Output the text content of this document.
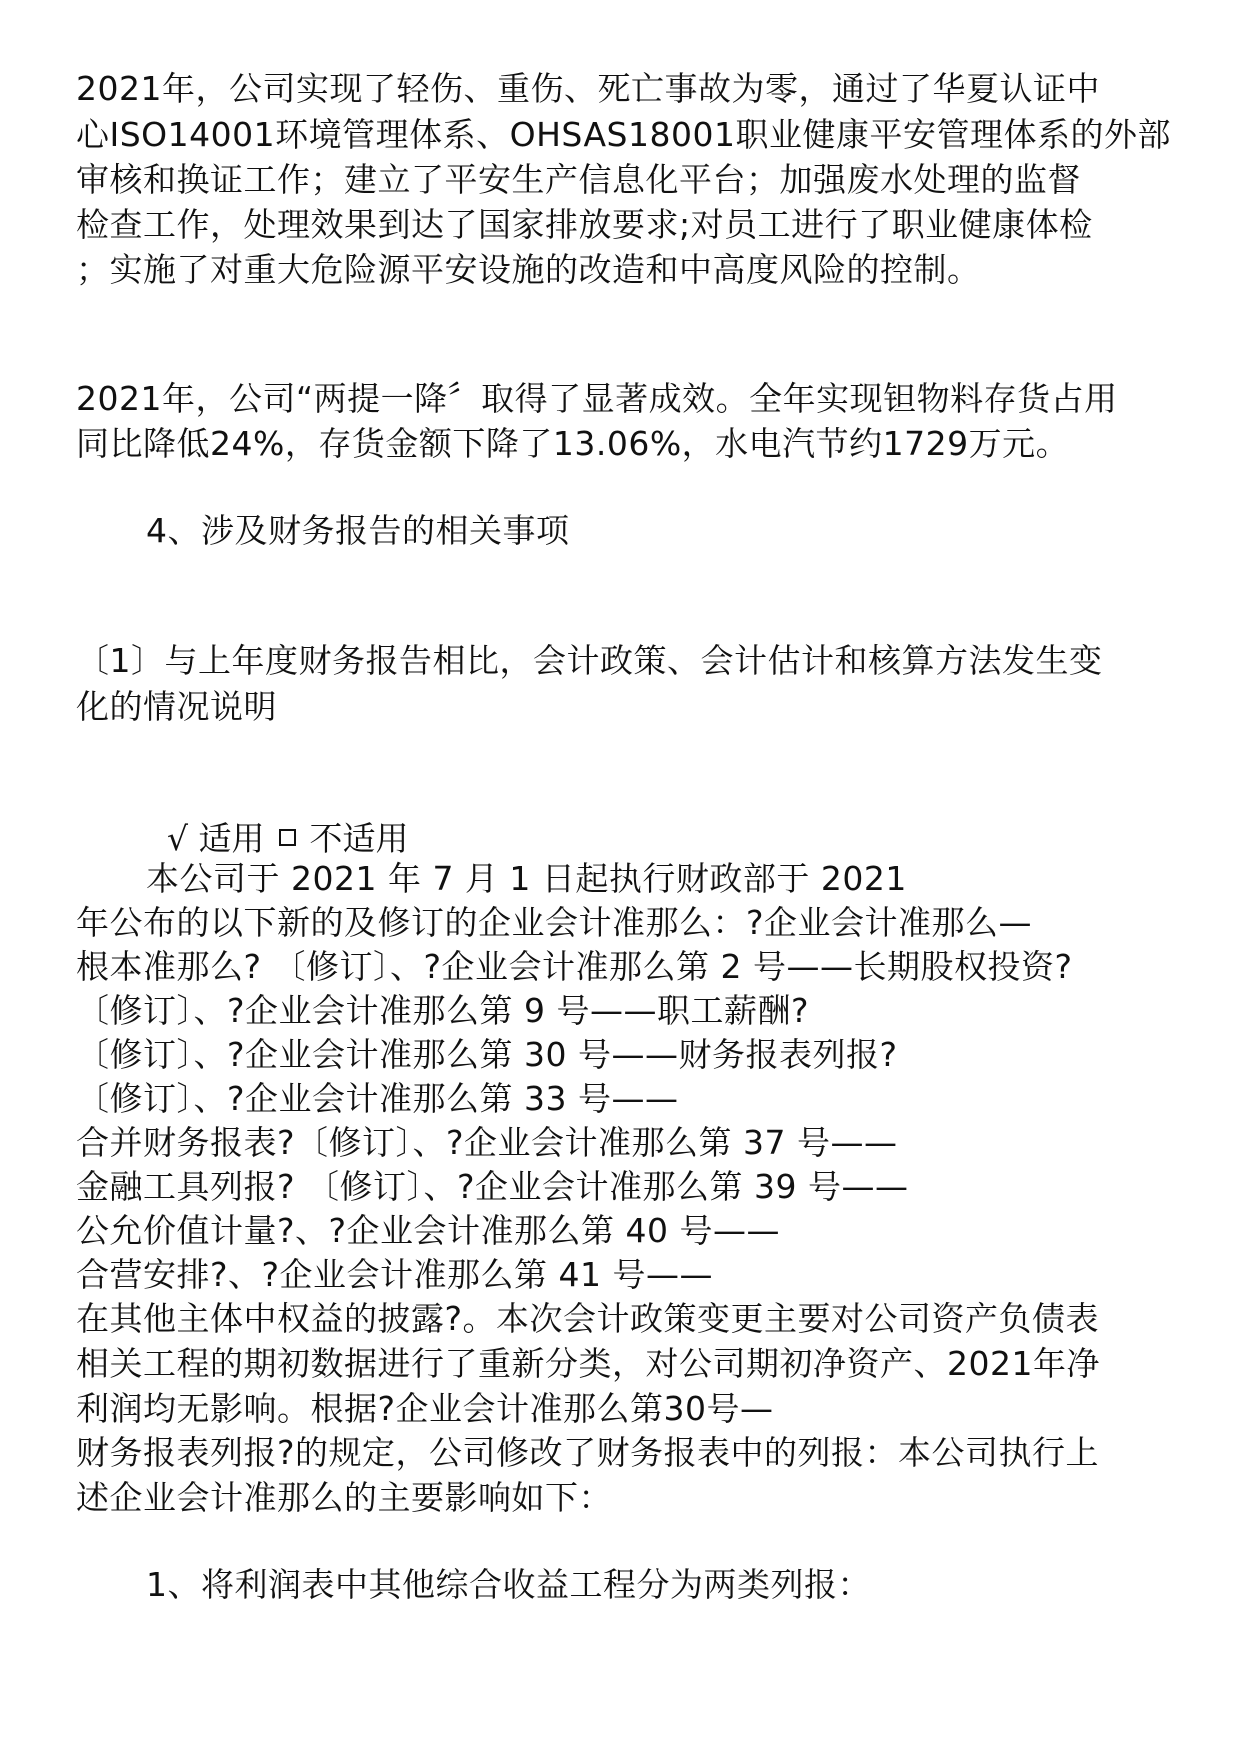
2021年，公司实现了轻伤、重伤、死亡事故为零，通过了华夏认证中
心ISO14001环境管理体系、OHSAS18001职业健康平安管理体系的外部
审核和换证工作；建立了平安生产信息化平台；加强废水处理的监督
检查工作，处理效果到达了国家排放要求;对员工进行了职业健康体检
；实施了对重大危险源平安设施的改造和中高度风险的控制。
2021年，公司“两提一降〞取得了显著成效。全年实现钽物料存货占用
同比降低24%，存货金额下降了13.06%，水电汽节约1729万元。
4、涉及财务报告的相关事项
〔1〕与上年度财务报告相比，会计政策、会计估计和核算方法发生变
化的情况说明

√ 适用 不适用

本公司于 2021 年 7 月 1 日起执行财政部于 2021
年公布的以下新的及修订的企业会计准那么：?企业会计准那么—
根本准那么? 〔修订〕、?企业会计准那么第 2 号——长期股权投资?
〔修订〕、?企业会计准那么第 9 号——职工薪酬?
〔修订〕、?企业会计准那么第 30 号——财务报表列报?
〔修订〕、?企业会计准那么第 33 号——
合并财务报表?〔修订〕、?企业会计准那么第 37 号——
金融工具列报? 〔修订〕、?企业会计准那么第 39 号——
公允价值计量?、?企业会计准那么第 40 号——
合营安排?、?企业会计准那么第 41 号——
在其他主体中权益的披露?。本次会计政策变更主要对公司资产负债表
相关工程的期初数据进行了重新分类，对公司期初净资产、2021年净
利润均无影响。根据?企业会计准那么第30号—
财务报表列报?的规定，公司修改了财务报表中的列报：本公司执行上
述企业会计准那么的主要影响如下：
1、将利润表中其他综合收益工程分为两类列报：
